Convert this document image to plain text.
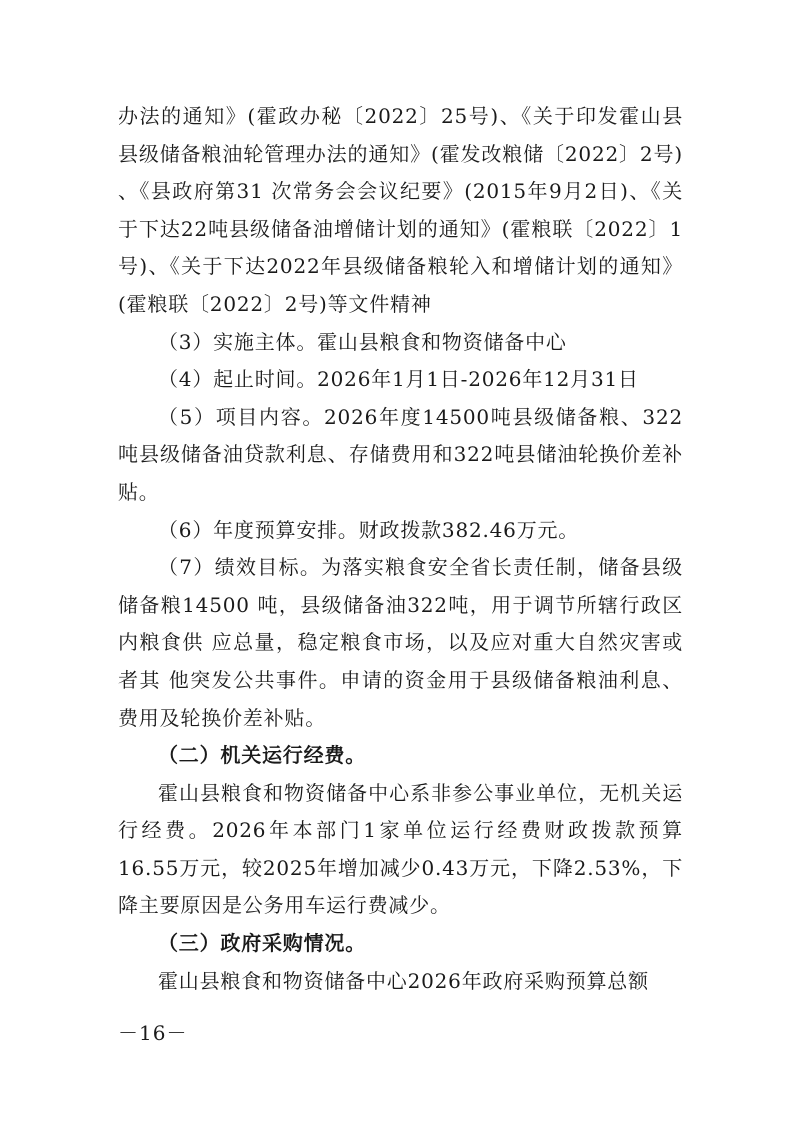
办法的通知》(霍政办秘〔2022〕25号)、《关于印发霍山县县级储备粮油轮管理办法的通知》(霍发改粮储〔2022〕2号) 、《县政府第31 次常务会会议纪要》(2015年9月2日)、《关于下达22吨县级储备油增储计划的通知》(霍粮联〔2022〕1号)、《关于下达2022年县级储备粮轮入和增储计划的通知》(霍粮联〔2022〕2号)等文件精神

（3）实施主体。霍山县粮食和物资储备中心

（4）起止时间。2026年1月1日-2026年12月31日

（5）项目内容。2026年度14500吨县级储备粮、322吨县级储备油贷款利息、存储费用和322吨县储油轮换价差补贴。

（6）年度预算安排。财政拨款382.46万元。

（7）绩效目标。为落实粮食安全省长责任制，储备县级储备粮14500 吨，县级储备油322吨，用于调节所辖行政区内粮食供 应总量，稳定粮食市场，以及应对重大自然灾害或者其 他突发公共事件。申请的资金用于县级储备粮油利息、费用及轮换价差补贴。

（二）机关运行经费。

霍山县粮食和物资储备中心系非参公事业单位，无机关运行经费。2026年本部门1家单位运行经费财政拨款预算16.55万元，较2025年增加减少0.43万元，下降2.53%，下降主要原因是公务用车运行费减少。

（三）政府采购情况。

霍山县粮食和物资储备中心2026年政府采购预算总额

－16－
